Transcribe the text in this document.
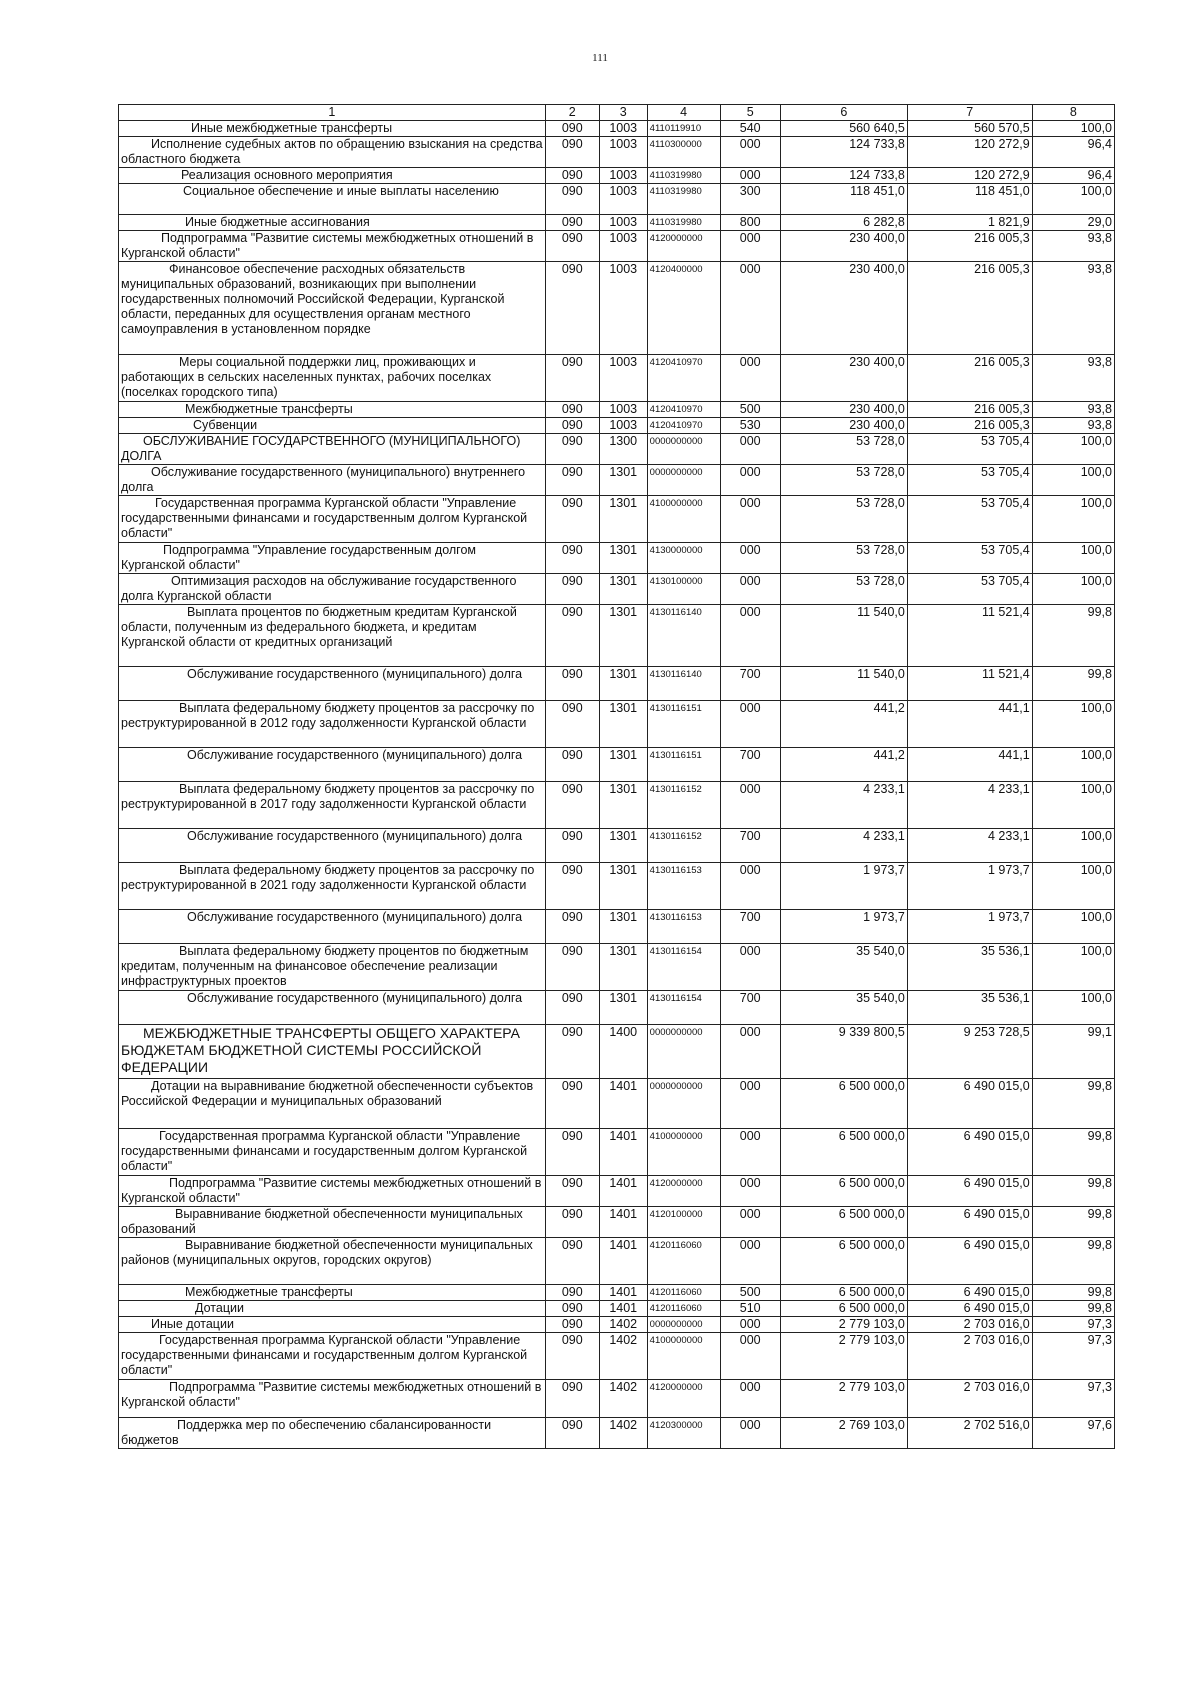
111
1	2	3	4	5	6	7	8
Иные межбюджетные трансферты	090	1003	4110119910	540	560 640,5	560 570,5	100,0
Исполнение судебных актов по обращению взыскания на средства областного бюджета	090	1003	4110300000	000	124 733,8	120 272,9	96,4
Реализация основного мероприятия	090	1003	4110319980	000	124 733,8	120 272,9	96,4
Социальное обеспечение и иные выплаты населению	090	1003	4110319980	300	118 451,0	118 451,0	100,0
Иные бюджетные ассигнования	090	1003	4110319980	800	6 282,8	1 821,9	29,0
Подпрограмма "Развитие системы межбюджетных отношений в Курганской области"	090	1003	4120000000	000	230 400,0	216 005,3	93,8
Финансовое обеспечение расходных обязательств муниципальных образований, возникающих при выполнении государственных полномочий Российской Федерации, Курганской области, переданных для осуществления органам местного самоуправления в установленном порядке	090	1003	4120400000	000	230 400,0	216 005,3	93,8
Меры социальной поддержки лиц, проживающих и работающих в сельских населенных пунктах, рабочих поселках (поселках городского типа)	090	1003	4120410970	000	230 400,0	216 005,3	93,8
Межбюджетные трансферты	090	1003	4120410970	500	230 400,0	216 005,3	93,8
Субвенции	090	1003	4120410970	530	230 400,0	216 005,3	93,8
ОБСЛУЖИВАНИЕ ГОСУДАРСТВЕННОГО (МУНИЦИПАЛЬНОГО) ДОЛГА	090	1300	0000000000	000	53 728,0	53 705,4	100,0
Обслуживание государственного (муниципального) внутреннего долга	090	1301	0000000000	000	53 728,0	53 705,4	100,0
Государственная программа Курганской области "Управление государственными финансами и государственным долгом Курганской области"	090	1301	4100000000	000	53 728,0	53 705,4	100,0
Подпрограмма "Управление государственным долгом Курганской области"	090	1301	4130000000	000	53 728,0	53 705,4	100,0
Оптимизация расходов на обслуживание государственного долга Курганской области	090	1301	4130100000	000	53 728,0	53 705,4	100,0
Выплата процентов по бюджетным кредитам Курганской области, полученным из федерального бюджета, и кредитам Курганской области от кредитных организаций	090	1301	4130116140	000	11 540,0	11 521,4	99,8
Обслуживание государственного (муниципального) долга	090	1301	4130116140	700	11 540,0	11 521,4	99,8
Выплата федеральному бюджету процентов за рассрочку по реструктурированной в 2012 году задолженности Курганской области	090	1301	4130116151	000	441,2	441,1	100,0
Обслуживание государственного (муниципального) долга	090	1301	4130116151	700	441,2	441,1	100,0
Выплата федеральному бюджету процентов за рассрочку по реструктурированной в 2017 году задолженности Курганской области	090	1301	4130116152	000	4 233,1	4 233,1	100,0
Обслуживание государственного (муниципального) долга	090	1301	4130116152	700	4 233,1	4 233,1	100,0
Выплата федеральному бюджету процентов за рассрочку по реструктурированной в 2021 году задолженности Курганской области	090	1301	4130116153	000	1 973,7	1 973,7	100,0
Обслуживание государственного (муниципального) долга	090	1301	4130116153	700	1 973,7	1 973,7	100,0
Выплата федеральному бюджету процентов по бюджетным кредитам, полученным на финансовое обеспечение реализации инфраструктурных проектов	090	1301	4130116154	000	35 540,0	35 536,1	100,0
Обслуживание государственного (муниципального) долга	090	1301	4130116154	700	35 540,0	35 536,1	100,0
МЕЖБЮДЖЕТНЫЕ ТРАНСФЕРТЫ ОБЩЕГО ХАРАКТЕРА БЮДЖЕТАМ БЮДЖЕТНОЙ СИСТЕМЫ РОССИЙСКОЙ ФЕДЕРАЦИИ	090	1400	0000000000	000	9 339 800,5	9 253 728,5	99,1
Дотации на выравнивание бюджетной обеспеченности субъектов Российской Федерации и муниципальных образований	090	1401	0000000000	000	6 500 000,0	6 490 015,0	99,8
Государственная программа Курганской области "Управление государственными финансами и государственным долгом Курганской области"	090	1401	4100000000	000	6 500 000,0	6 490 015,0	99,8
Подпрограмма "Развитие системы межбюджетных отношений в Курганской области"	090	1401	4120000000	000	6 500 000,0	6 490 015,0	99,8
Выравнивание бюджетной обеспеченности муниципальных образований	090	1401	4120100000	000	6 500 000,0	6 490 015,0	99,8
Выравнивание бюджетной обеспеченности муниципальных районов (муниципальных округов, городских округов)	090	1401	4120116060	000	6 500 000,0	6 490 015,0	99,8
Межбюджетные трансферты	090	1401	4120116060	500	6 500 000,0	6 490 015,0	99,8
Дотации	090	1401	4120116060	510	6 500 000,0	6 490 015,0	99,8
Иные дотации	090	1402	0000000000	000	2 779 103,0	2 703 016,0	97,3
Государственная программа Курганской области "Управление государственными финансами и государственным долгом Курганской области"	090	1402	4100000000	000	2 779 103,0	2 703 016,0	97,3
Подпрограмма "Развитие системы межбюджетных отношений в Курганской области"	090	1402	4120000000	000	2 779 103,0	2 703 016,0	97,3
Поддержка мер по обеспечению сбалансированности бюджетов	090	1402	4120300000	000	2 769 103,0	2 702 516,0	97,6
